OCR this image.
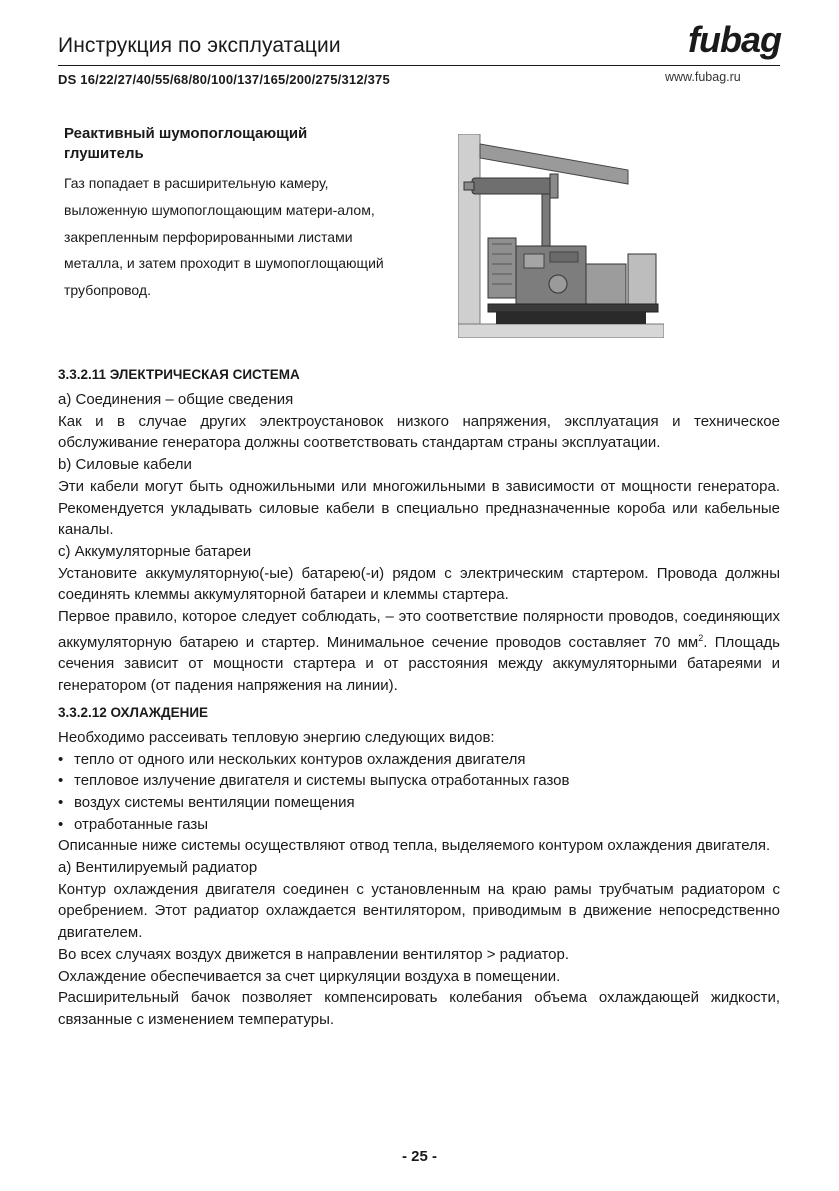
Инструкция по эксплуатации
DS 16/22/27/40/55/68/80/100/137/165/200/275/312/375
fubag
www.fubag.ru
Реактивный шумопоглощающий глушитель

Газ попадает в расширительную камеру, выложенную шумопоглощающим матери-алом, закрепленным перфорированными листами металла, и затем проходит в шумопоглощающий трубопровод.

3.3.2.11 ЭЛЕКТРИЧЕСКАЯ СИСТЕМА

a) Соединения – общие сведения

Как и в случае других электроустановок низкого напряжения, эксплуатация и техническое обслуживание генератора должны соответствовать стандартам страны эксплуатации.

b) Силовые кабели

Эти кабели могут быть одножильными или многожильными в зависимости от мощности генератора. Рекомендуется укладывать силовые кабели в специально предназначенные короба или кабельные каналы.

c) Аккумуляторные батареи

Установите аккумуляторную(-ые) батарею(-и) рядом с электрическим стартером. Провода должны соединять клеммы аккумуляторной батареи и клеммы стартера.

Первое правило, которое следует соблюдать, – это соответствие полярности проводов, соединяющих аккумуляторную батарею и стартер. Минимальное сечение проводов составляет 70 $мм^2$. Площадь сечения зависит от мощности стартера и от расстояния между аккумуляторными батареями и генератором (от падения напряжения на линии).

3.3.2.12 ОХЛАЖДЕНИЕ

Необходимо рассеивать тепловую энергию следующих видов:

• тепло от одного или нескольких контуров охлаждения двигателя
• тепловое излучение двигателя и системы выпуска отработанных газов
• воздух системы вентиляции помещения
• отработанные газы

Описанные ниже системы осуществляют отвод тепла, выделяемого контуром охлаждения двигателя.

a) Вентилируемый радиатор

Контур охлаждения двигателя соединен с установленным на краю рамы трубчатым радиатором с оребрением. Этот радиатор охлаждается вентилятором, приводимым в движение непосредственно двигателем.

Во всех случаях воздух движется в направлении вентилятор > радиатор.

Охлаждение обеспечивается за счет циркуляции воздуха в помещении.

Расширительный бачок позволяет компенсировать колебания объема охлаждающей жидкости, связанные с изменением температуры.

- 25 -
